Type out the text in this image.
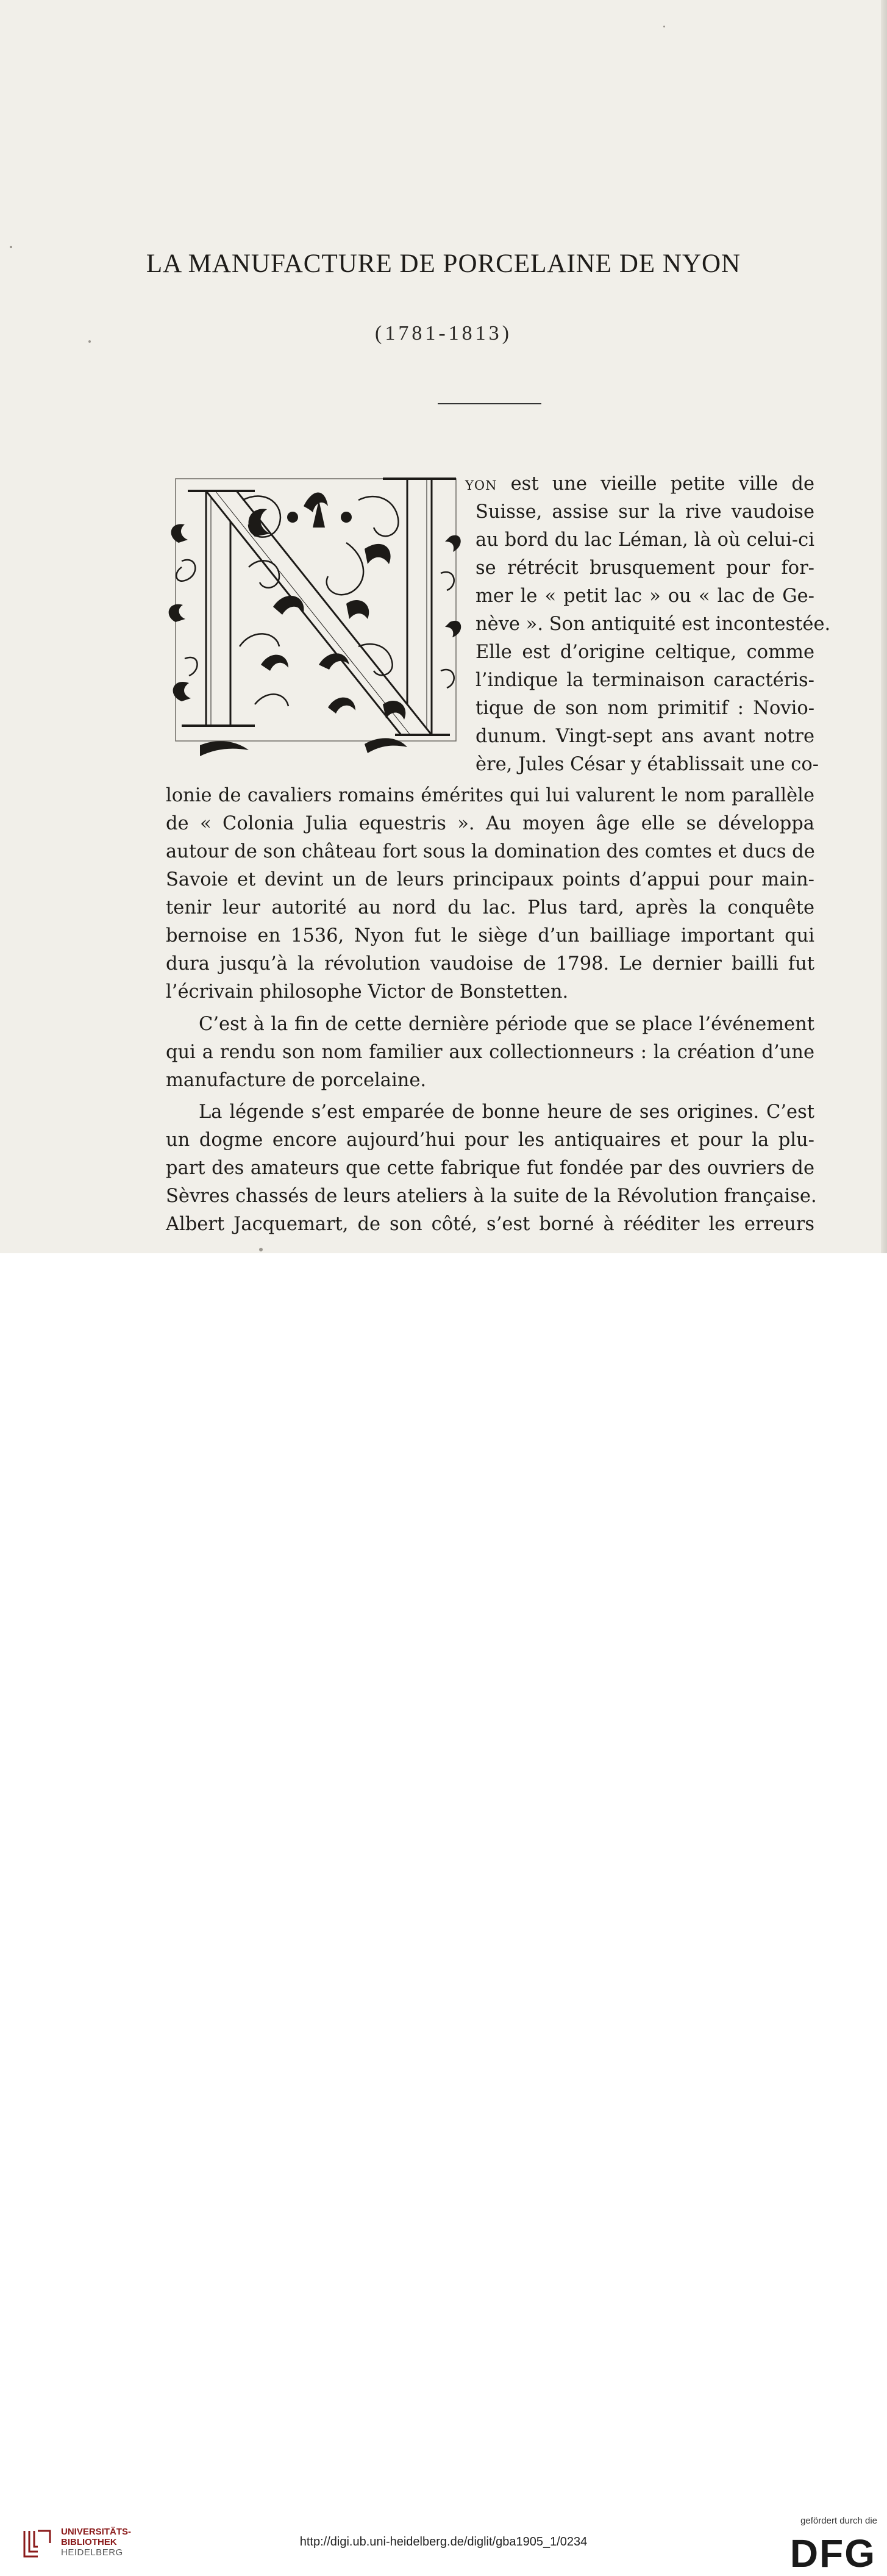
LA MANUFACTURE DE PORCELAINE DE NYON
(1781-1813)
yon est une vieille petite ville de
Suisse, assise sur la rive vaudoise
au bord du lac Léman, là où celui-ci
se rétrécit brusquement pour for-
mer le « petit lac » ou « lac de Ge-
nève ». Son antiquité est incontestée.
Elle est d’origine celtique, comme
l’indique la terminaison caractéris-
tique de son nom primitif : Novio-
dunum. Vingt-sept ans avant notre
ère, Jules César y établissait une co-
lonie de cavaliers romains émérites qui lui valurent le nom parallèle
de « Colonia Julia equestris ». Au moyen âge elle se développa
autour de son château fort sous la domination des comtes et ducs de
Savoie et devint un de leurs principaux points d’appui pour main-
tenir leur autorité au nord du lac. Plus tard, après la conquête
bernoise en 1536, Nyon fut le siège d’un bailliage important qui
dura jusqu’à la révolution vaudoise de 1798. Le dernier bailli fut
l’écrivain philosophe Victor de Bonstetten.
C’est à la fin de cette dernière période que se place l’événement
qui a rendu son nom familier aux collectionneurs : la création d’une
manufacture de porcelaine.
La légende s’est emparée de bonne heure de ses origines. C’est
un dogme encore aujourd’hui pour les antiquaires et pour la plu-
part des amateurs que cette fabrique fut fondée par des ouvriers de
Sèvres chassés de leurs ateliers à la suite de la Révolution française.
Albert Jacquemart, de son côté, s’est borné à rééditer les erreurs
UNIVERSITÄTS-
BIBLIOTHEK
HEIDELBERG
http://digi.ub.uni-heidelberg.de/diglit/gba1905_1/0234
gefördert durch die
DFG
